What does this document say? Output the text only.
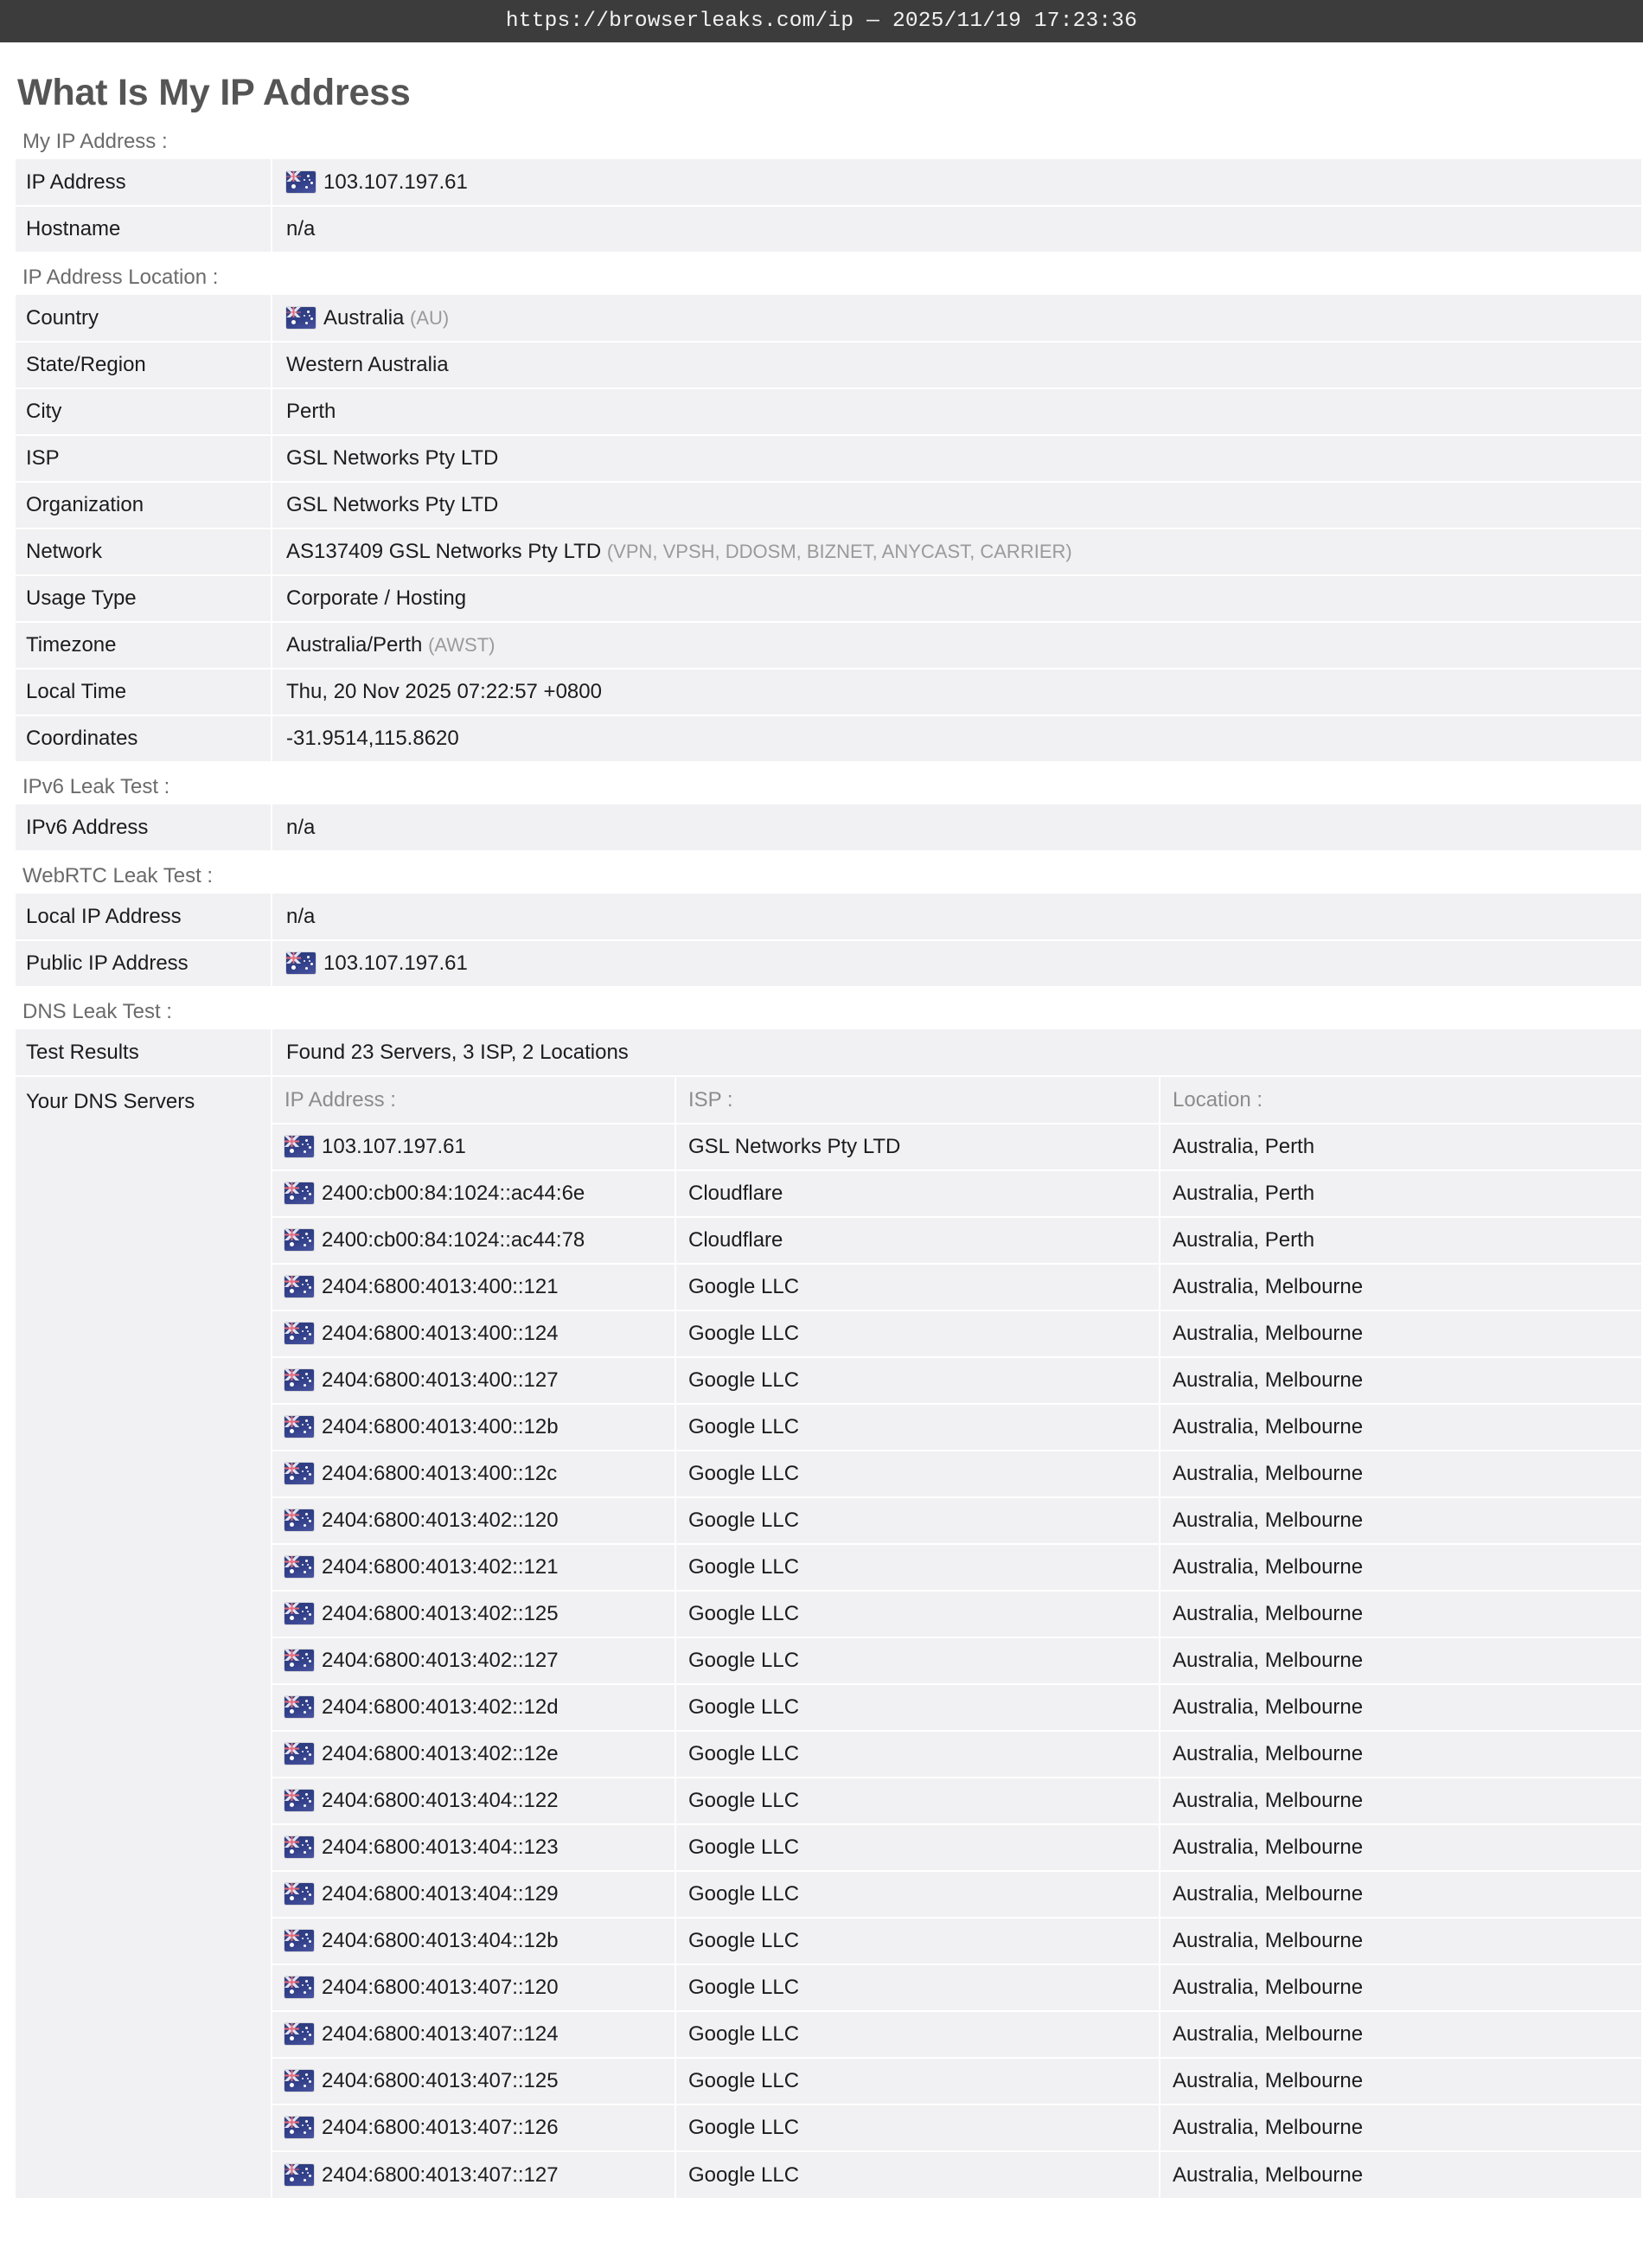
https://browserleaks.com/ip — 2025/11/19 17:23:36
What Is My IP Address
My IP Address :
IP Address	103.107.197.61
Hostname	n/a
IP Address Location :
Country	Australia (AU)
State/Region	Western Australia
City	Perth
ISP	GSL Networks Pty LTD
Organization	GSL Networks Pty LTD
Network	AS137409 GSL Networks Pty LTD (VPN, VPSH, DDOSM, BIZNET, ANYCAST, CARRIER)
Usage Type	Corporate / Hosting
Timezone	Australia/Perth (AWST)
Local Time	Thu, 20 Nov 2025 07:22:57 +0800
Coordinates	-31.9514,115.8620
IPv6 Leak Test :
IPv6 Address	n/a
WebRTC Leak Test :
Local IP Address	n/a
Public IP Address	103.107.197.61
DNS Leak Test :
Test Results	Found 23 Servers, 3 ISP, 2 Locations
Your DNS Servers		IP Address :	ISP :	Location :

103.107.197.61	GSL Networks Pty LTD	Australia, Perth

2400:cb00:84:1024::ac44:6e	Cloudflare	Australia, Perth

2400:cb00:84:1024::ac44:78	Cloudflare	Australia, Perth

2404:6800:4013:400::121	Google LLC	Australia, Melbourne

2404:6800:4013:400::124	Google LLC	Australia, Melbourne

2404:6800:4013:400::127	Google LLC	Australia, Melbourne

2404:6800:4013:400::12b	Google LLC	Australia, Melbourne

2404:6800:4013:400::12c	Google LLC	Australia, Melbourne

2404:6800:4013:402::120	Google LLC	Australia, Melbourne

2404:6800:4013:402::121	Google LLC	Australia, Melbourne

2404:6800:4013:402::125	Google LLC	Australia, Melbourne

2404:6800:4013:402::127	Google LLC	Australia, Melbourne

2404:6800:4013:402::12d	Google LLC	Australia, Melbourne

2404:6800:4013:402::12e	Google LLC	Australia, Melbourne

2404:6800:4013:404::122	Google LLC	Australia, Melbourne

2404:6800:4013:404::123	Google LLC	Australia, Melbourne

2404:6800:4013:404::129	Google LLC	Australia, Melbourne

2404:6800:4013:404::12b	Google LLC	Australia, Melbourne

2404:6800:4013:407::120	Google LLC	Australia, Melbourne

2404:6800:4013:407::124	Google LLC	Australia, Melbourne

2404:6800:4013:407::125	Google LLC	Australia, Melbourne

2404:6800:4013:407::126	Google LLC	Australia, Melbourne

2404:6800:4013:407::127	Google LLC	Australia, Melbourne
